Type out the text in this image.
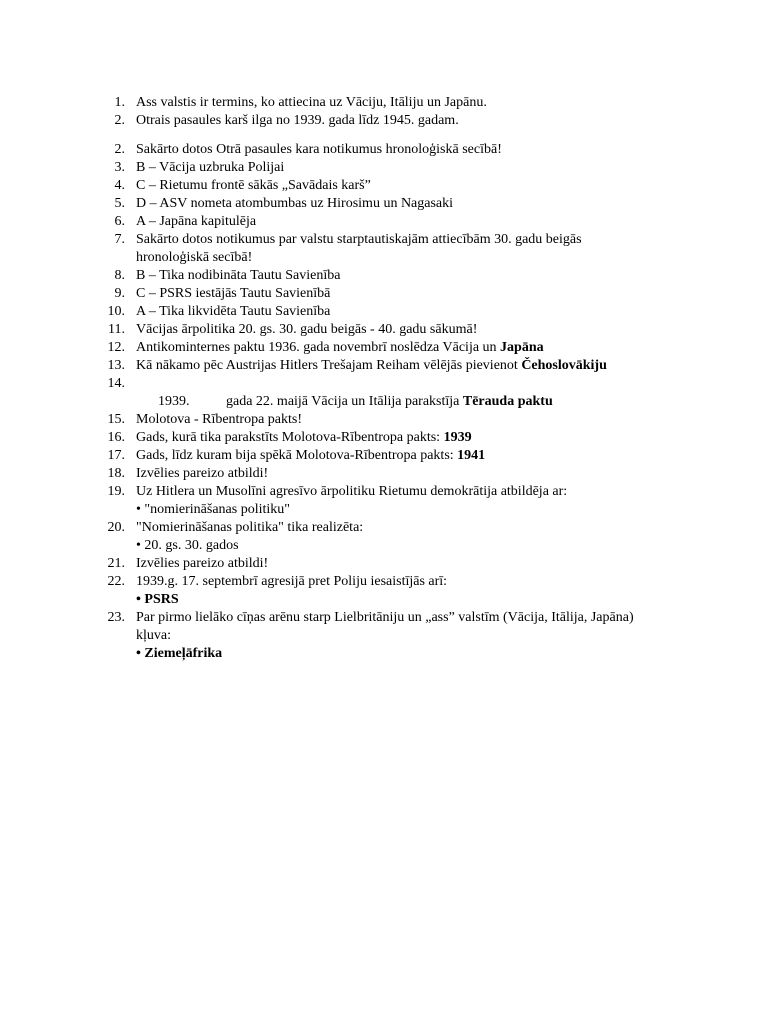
1. Ass valstis ir termins, ko attiecina uz Vāciju, Itāliju un Japānu.
2. Otrais pasaules karš ilga no 1939. gada līdz 1945. gadam.
2. Sakārto dotos Otrā pasaules kara notikumus hronoloģiskā secībā!
3. B – Vācija uzbruka Polijai
4. C – Rietumu frontē sākās „Savādais karš”
5. D – ASV nometa atombumbas uz Hirosimu un Nagasaki
6. A – Japāna kapitulēja
7. Sakārto dotos notikumus par valstu starptautiskajām attiecībām 30. gadu beigās
hronoloģiskā secībā!
8. B – Tika nodibināta Tautu Savienība
9. C – PSRS iestājās Tautu Savienībā
10. A – Tika likvidēta Tautu Savienība
11. Vācijas ārpolitika 20. gs. 30. gadu beigās - 40. gadu sākumā!
12. Antikominternes paktu 1936. gada novembrī noslēdza Vācija un Japāna
13. Kā nākamo pēc Austrijas Hitlers Trešajam Reiham vēlējās pievienot Čehoslovākiju
14.
1939.	gada 22. maijā Vācija un Itālija parakstīja Tērauda paktu
15. Molotova - Rībentropa pakts!
16. Gads, kurā tika parakstīts Molotova-Rībentropa pakts: 1939
17. Gads, līdz kuram bija spēkā Molotova-Rībentropa pakts: 1941
18. Izvēlies pareizo atbildi!
19. Uz Hitlera un Musolīni agresīvo ārpolitiku Rietumu demokrātija atbildēja ar:
• "nomierināšanas politiku"
20. "Nomierināšanas politika" tika realizēta:
• 20. gs. 30. gados
21. Izvēlies pareizo atbildi!
22. 1939.g. 17. septembrī agresijā pret Poliju iesaistījās arī:
• PSRS
23. Par pirmo lielāko cīņas arēnu starp Lielbritāniju un „ass” valstīm (Vācija, Itālija, Japāna)
kļuva:
• Ziemeļāfrika
